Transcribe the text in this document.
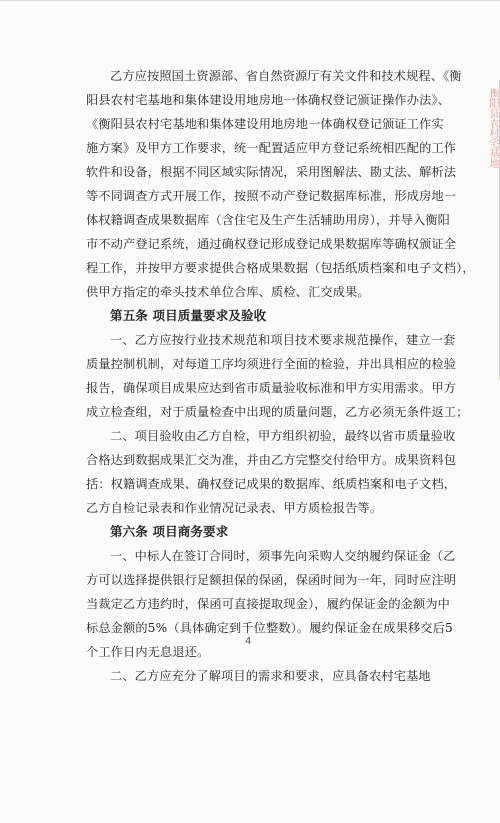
乙方应按照国土资源部、省自然资源厅有关文件和技术规程、《衡
阳县农村宅基地和集体建设用地房地一体确权登记颁证操作办法》、
《衡阳县农村宅基地和集体建设用地房地一体确权登记颁证工作实
施方案》及甲方工作要求，统一配置适应甲方登记系统相匹配的工作
软件和设备，根据不同区域实际情况，采用图解法、勘丈法、解析法
等不同调查方式开展工作，按照不动产登记数据库标准，形成房地一
体权籍调查成果数据库（含住宅及生产生活辅助用房），并导入衡阳
市不动产登记系统，通过确权登记形成登记成果数据库等确权颁证全
程工作，并按甲方要求提供合格成果数据（包括纸质档案和电子文档），
供甲方指定的牵头技术单位合库、质检、汇交成果。
第五条 项目质量要求及验收
一、乙方应按行业技术规范和项目技术要求规范操作，建立一套
质量控制机制，对每道工序均须进行全面的检验，并出具相应的检验
报告，确保项目成果应达到省市质量验收标准和甲方实用需求。甲方
成立检查组，对于质量检查中出现的质量问题，乙方必须无条件返工；
二、项目验收由乙方自检，甲方组织初验，最终以省市质量验收
合格达到数据成果汇交为准，并由乙方完整交付给甲方。成果资料包
括：权籍调查成果、确权登记成果的数据库、纸质档案和电子文档，
乙方自检记录表和作业情况记录表、甲方质检报告等。
第六条 项目商务要求
一、中标人在签订合同时，须事先向采购人交纳履约保证金（乙
方可以选择提供银行足额担保的保函，保函时间为一年，同时应注明
当裁定乙方违约时，保函可直接提取现金），履约保证金的金额为中
标总金额的5%（具体确定到千位整数）。履约保证金在成果移交后5
个工作日内无息退还。
二、乙方应充分了解项目的需求和要求，应具备农村宅基地
4
衡阳县农村宅基地
